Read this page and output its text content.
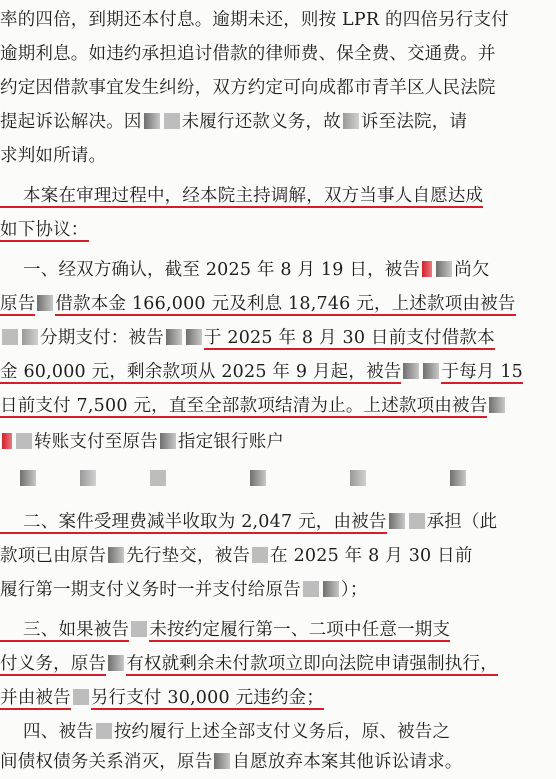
率的四倍，到期还本付息。逾期未还，则按 LPR 的四倍另行支付
逾期利息。如违约承担追讨借款的律师费、保全费、交通费。并
约定因借款事宜发生纠纷，双方约定可向成都市青羊区人民法院
提起诉讼解决。因 未履行还款义务，故 诉至法院，请
求判如所请。
本案在审理过程中，经本院主持调解，双方当事人自愿达成
如下协议：
一、经双方确认，截至 2025 年 8 月 19 日，被告 尚欠
原告 借款本金 166,000 元及利息 18,746 元，上述款项由被告
分期支付：被告 于 2025 年 8 月 30 日前支付借款本
金 60,000 元，剩余款项从 2025 年 9 月起，被告 于每月 15
日前支付 7,500 元，直至全部款项结清为止。上述款项由被告
转账支付至原告 指定银行账户
二、案件受理费减半收取为 2,047 元，由被告 承担（此
款项已由原告 先行垫交，被告 在 2025 年 8 月 30 日前
履行第一期支付义务时一并支付给原告 ）；
三、如果被告 未按约定履行第一、二项中任意一期支
付义务，原告 有权就剩余未付款项立即向法院申请强制执行，
并由被告 另行支付 30,000 元违约金；
四、被告 按约履行上述全部支付义务后，原、被告之
间债权债务关系消灭，原告 自愿放弃本案其他诉讼请求。
